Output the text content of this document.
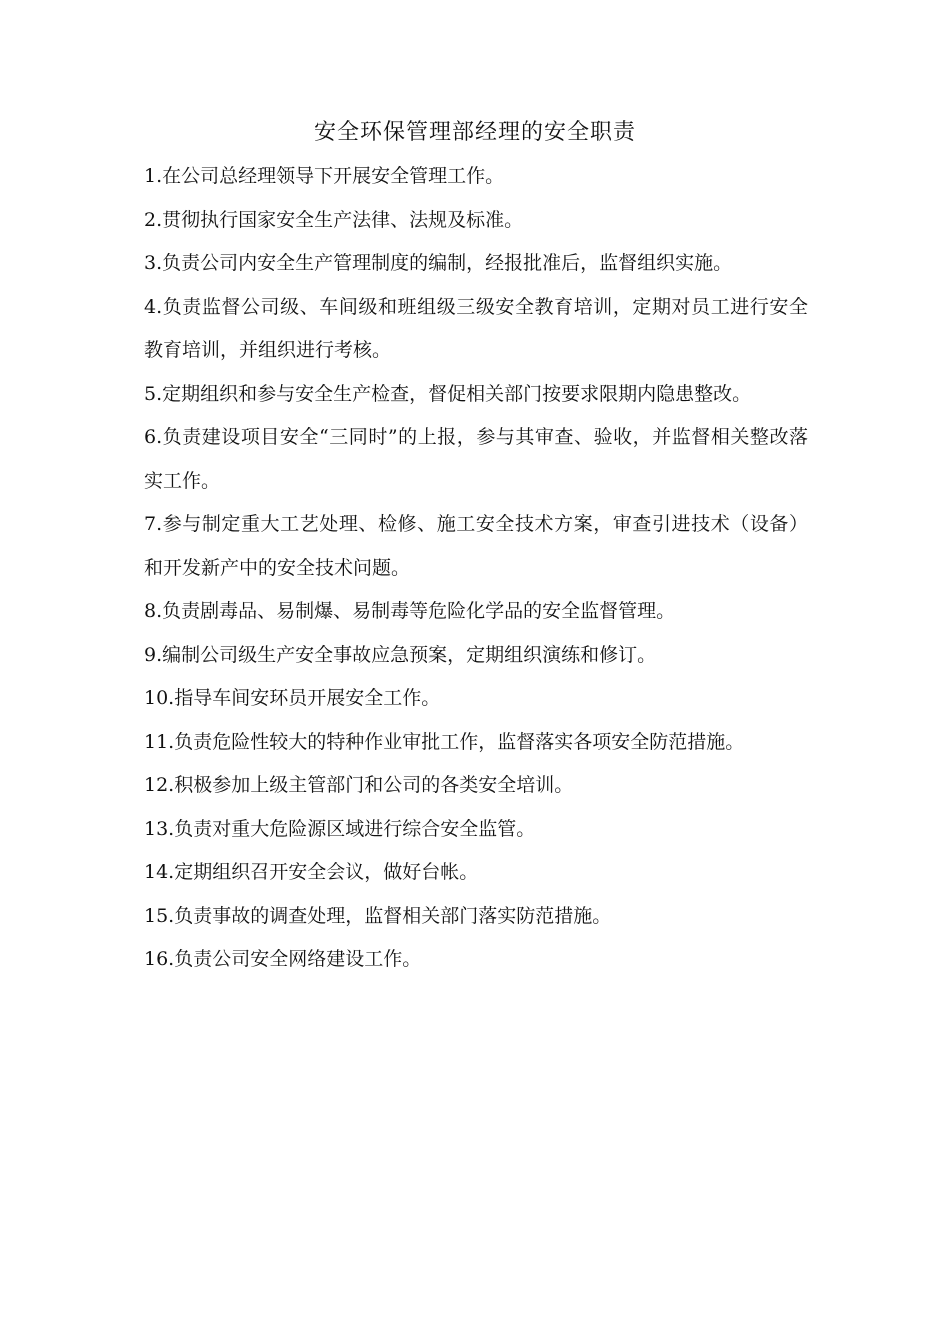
安全环保管理部经理的安全职责

1.在公司总经理领导下开展安全管理工作。

2.贯彻执行国家安全生产法律、法规及标准。

3.负责公司内安全生产管理制度的编制，经报批准后，监督组织实施。

4.负责监督公司级、车间级和班组级三级安全教育培训，定期对员工进行安全教育培训，并组织进行考核。

5.定期组织和参与安全生产检查，督促相关部门按要求限期内隐患整改。

6.负责建设项目安全“三同时”的上报，参与其审查、验收，并监督相关整改落实工作。

7.参与制定重大工艺处理、检修、施工安全技术方案，审查引进技术（设备）和开发新产中的安全技术问题。

8.负责剧毒品、易制爆、易制毒等危险化学品的安全监督管理。

9.编制公司级生产安全事故应急预案，定期组织演练和修订。

10.指导车间安环员开展安全工作。

11.负责危险性较大的特种作业审批工作，监督落实各项安全防范措施。

12.积极参加上级主管部门和公司的各类安全培训。

13.负责对重大危险源区域进行综合安全监管。

14.定期组织召开安全会议，做好台帐。

15.负责事故的调查处理，监督相关部门落实防范措施。

16.负责公司安全网络建设工作。
